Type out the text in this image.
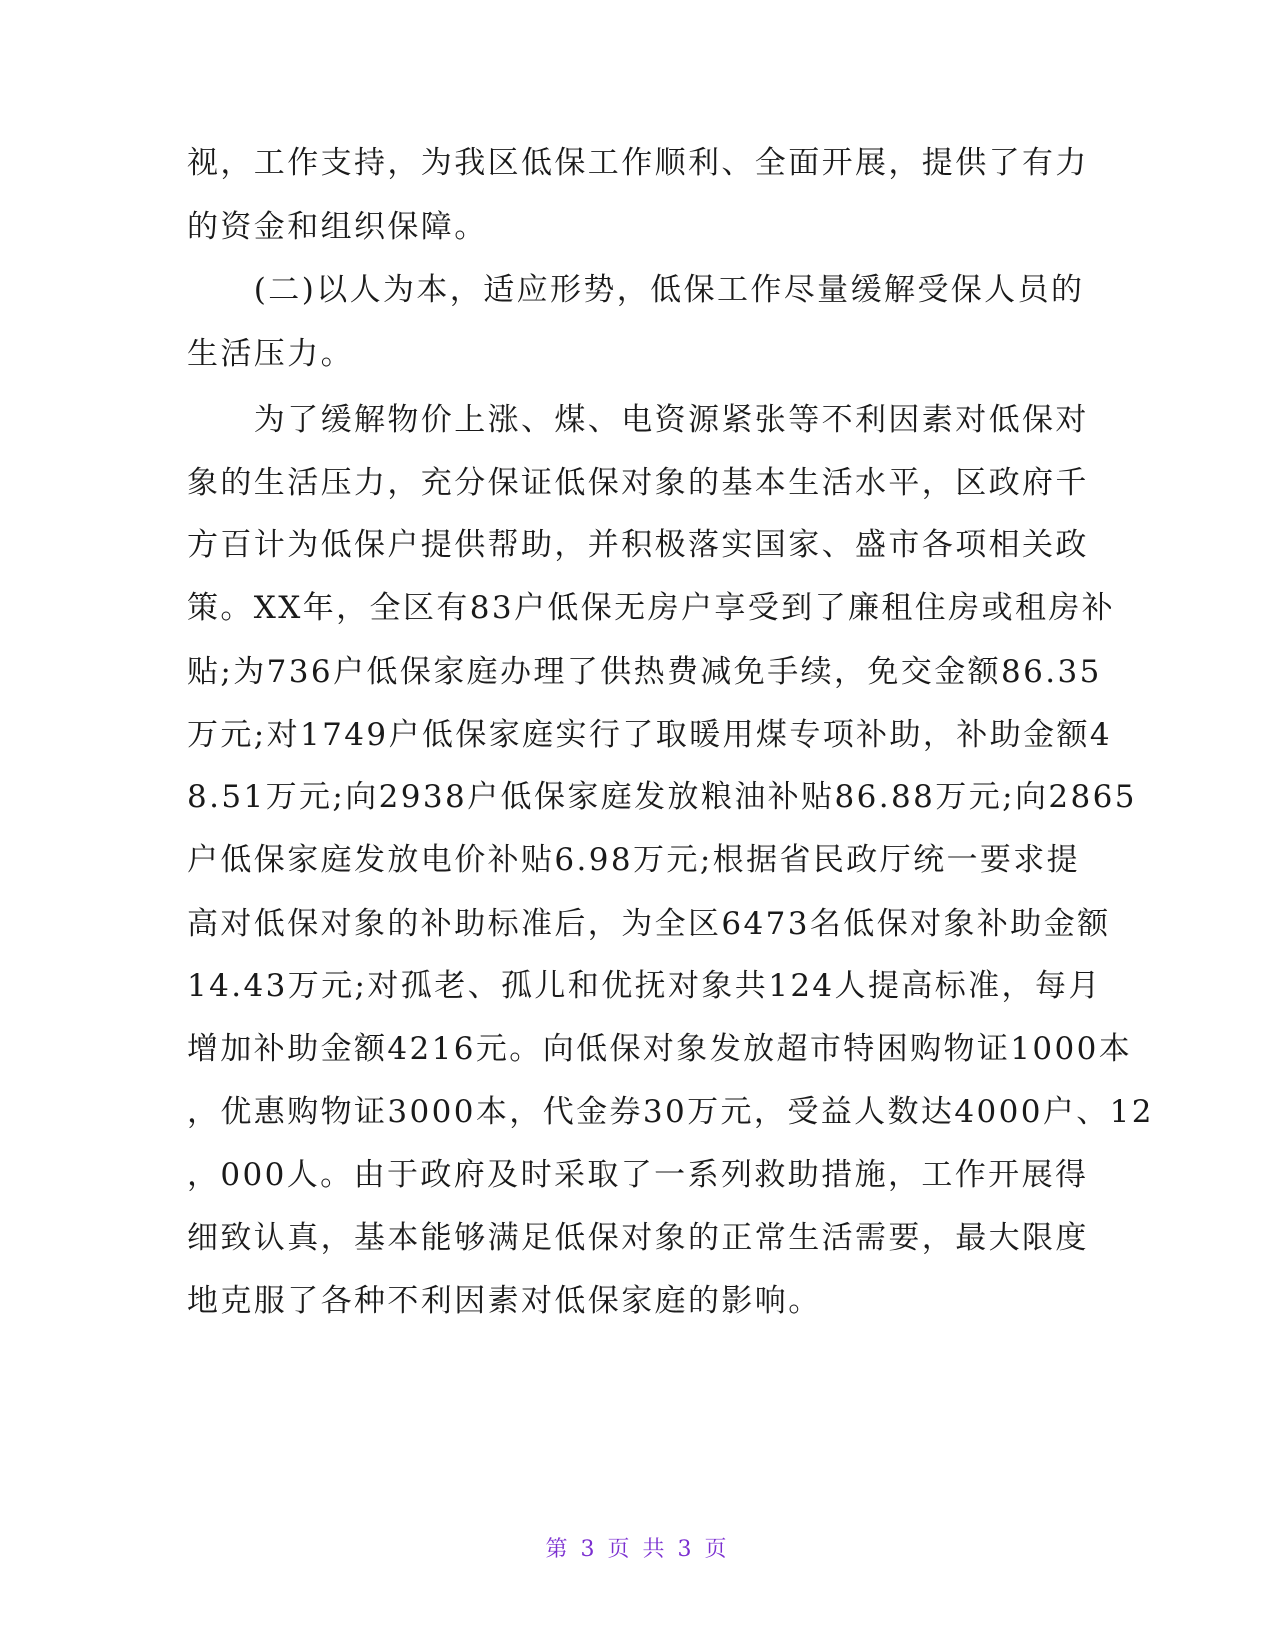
视，工作支持，为我区低保工作顺利、全面开展，提供了有力
的资金和组织保障。
　　(二)以人为本，适应形势，低保工作尽量缓解受保人员的
生活压力。
　　为了缓解物价上涨、煤、电资源紧张等不利因素对低保对
象的生活压力，充分保证低保对象的基本生活水平，区政府千
方百计为低保户提供帮助，并积极落实国家、盛市各项相关政
策。XX年，全区有83户低保无房户享受到了廉租住房或租房补
贴;为736户低保家庭办理了供热费减免手续，免交金额86.35
万元;对1749户低保家庭实行了取暖用煤专项补助，补助金额4
8.51万元;向2938户低保家庭发放粮油补贴86.88万元;向2865
户低保家庭发放电价补贴6.98万元;根据省民政厅统一要求提
高对低保对象的补助标准后，为全区6473名低保对象补助金额
14.43万元;对孤老、孤儿和优抚对象共124人提高标准，每月
增加补助金额4216元。向低保对象发放超市特困购物证1000本
，优惠购物证3000本，代金券30万元，受益人数达4000户、12
，000人。由于政府及时采取了一系列救助措施，工作开展得
细致认真，基本能够满足低保对象的正常生活需要，最大限度
地克服了各种不利因素对低保家庭的影响。
第 3 页 共 3 页
